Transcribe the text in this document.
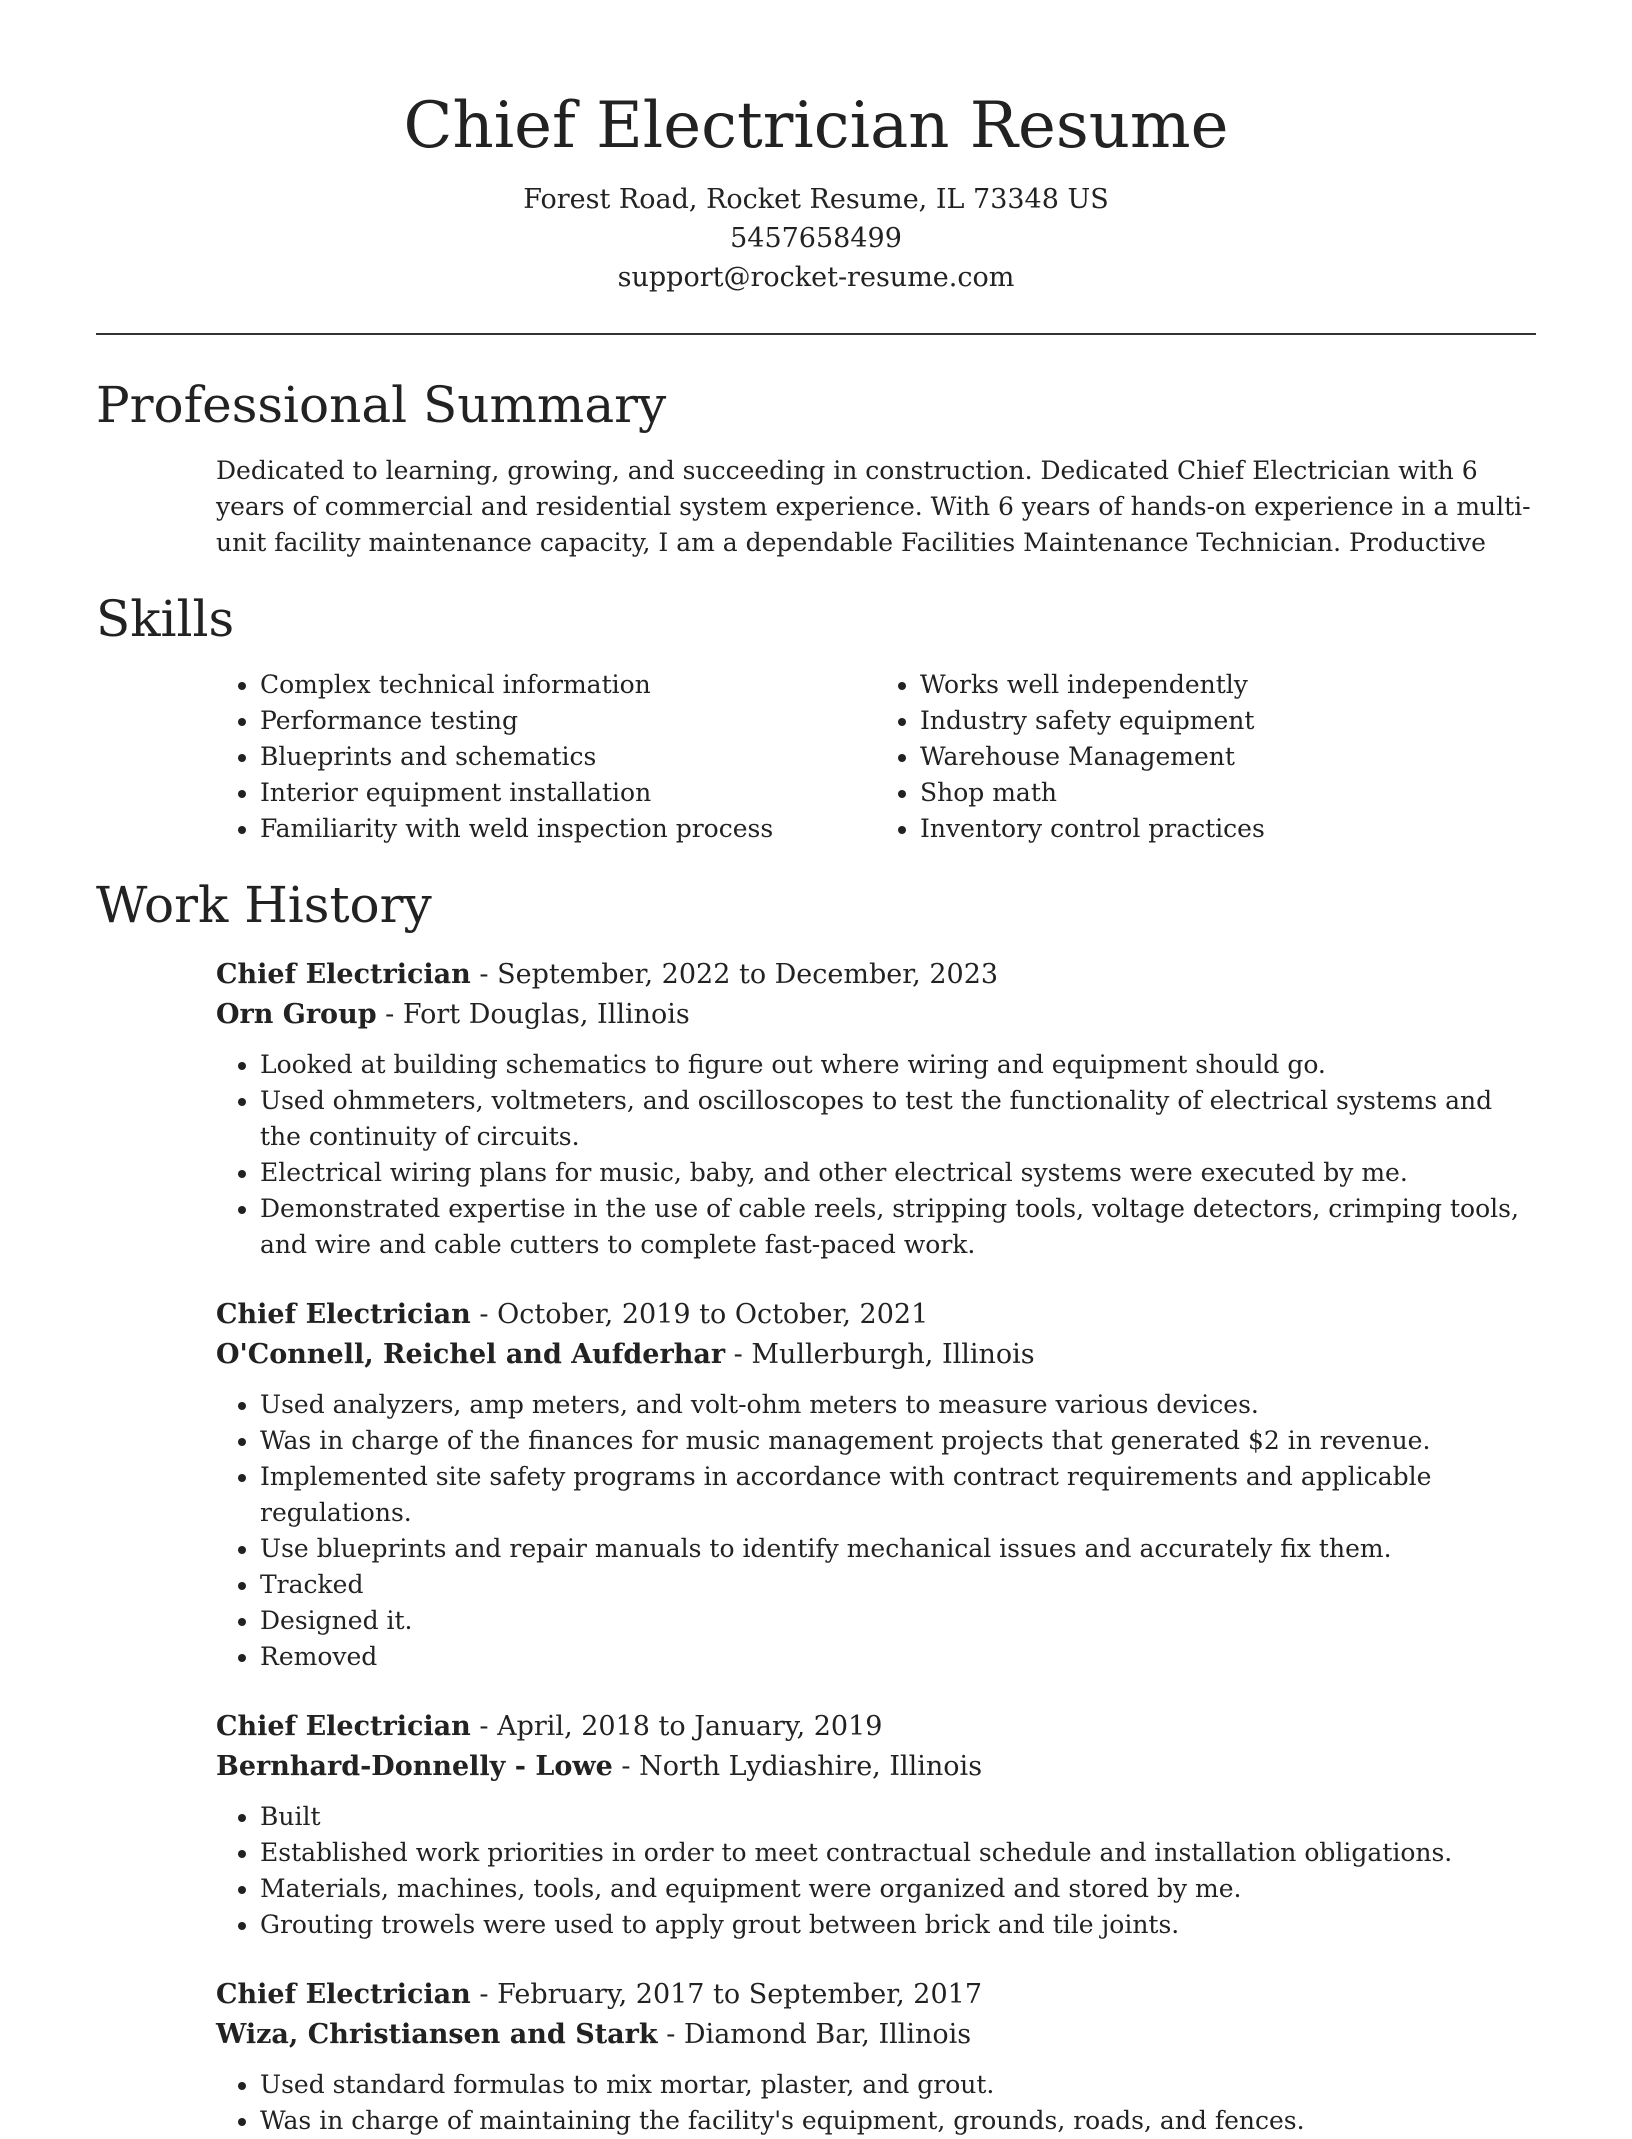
Chief Electrician Resume
Forest Road, Rocket Resume, IL 73348 US
5457658499
support@rocket-resume.com
Professional Summary

Dedicated to learning, growing, and succeeding in construction. Dedicated Chief Electrician with 6 years of commercial and residential system experience. With 6 years of hands-on experience in a multi-unit facility maintenance capacity, I am a dependable Facilities Maintenance Technician. Productive

Skills
• Complex technical information
• Performance testing
• Blueprints and schematics
• Interior equipment installation
• Familiarity with weld inspection process
• Works well independently
• Industry safety equipment
• Warehouse Management
• Shop math
• Inventory control practices
Work History
Chief Electrician - September, 2022 to December, 2023
Orn Group - Fort Douglas, Illinois
• Looked at building schematics to figure out where wiring and equipment should go.
• Used ohmmeters, voltmeters, and oscilloscopes to test the functionality of electrical systems and the continuity of circuits.
• Electrical wiring plans for music, baby, and other electrical systems were executed by me.
• Demonstrated expertise in the use of cable reels, stripping tools, voltage detectors, crimping tools, and wire and cable cutters to complete fast-paced work.
Chief Electrician - October, 2019 to October, 2021
O'Connell, Reichel and Aufderhar - Mullerburgh, Illinois
• Used analyzers, amp meters, and volt-ohm meters to measure various devices.
• Was in charge of the finances for music management projects that generated $2 in revenue.
• Implemented site safety programs in accordance with contract requirements and applicable regulations.
• Use blueprints and repair manuals to identify mechanical issues and accurately fix them.
• Tracked
• Designed it.
• Removed
Chief Electrician - April, 2018 to January, 2019
Bernhard-Donnelly - Lowe - North Lydiashire, Illinois
• Built
• Established work priorities in order to meet contractual schedule and installation obligations.
• Materials, machines, tools, and equipment were organized and stored by me.
• Grouting trowels were used to apply grout between brick and tile joints.
Chief Electrician - February, 2017 to September, 2017
Wiza, Christiansen and Stark - Diamond Bar, Illinois
• Used standard formulas to mix mortar, plaster, and grout.
• Was in charge of maintaining the facility's equipment, grounds, roads, and fences.
